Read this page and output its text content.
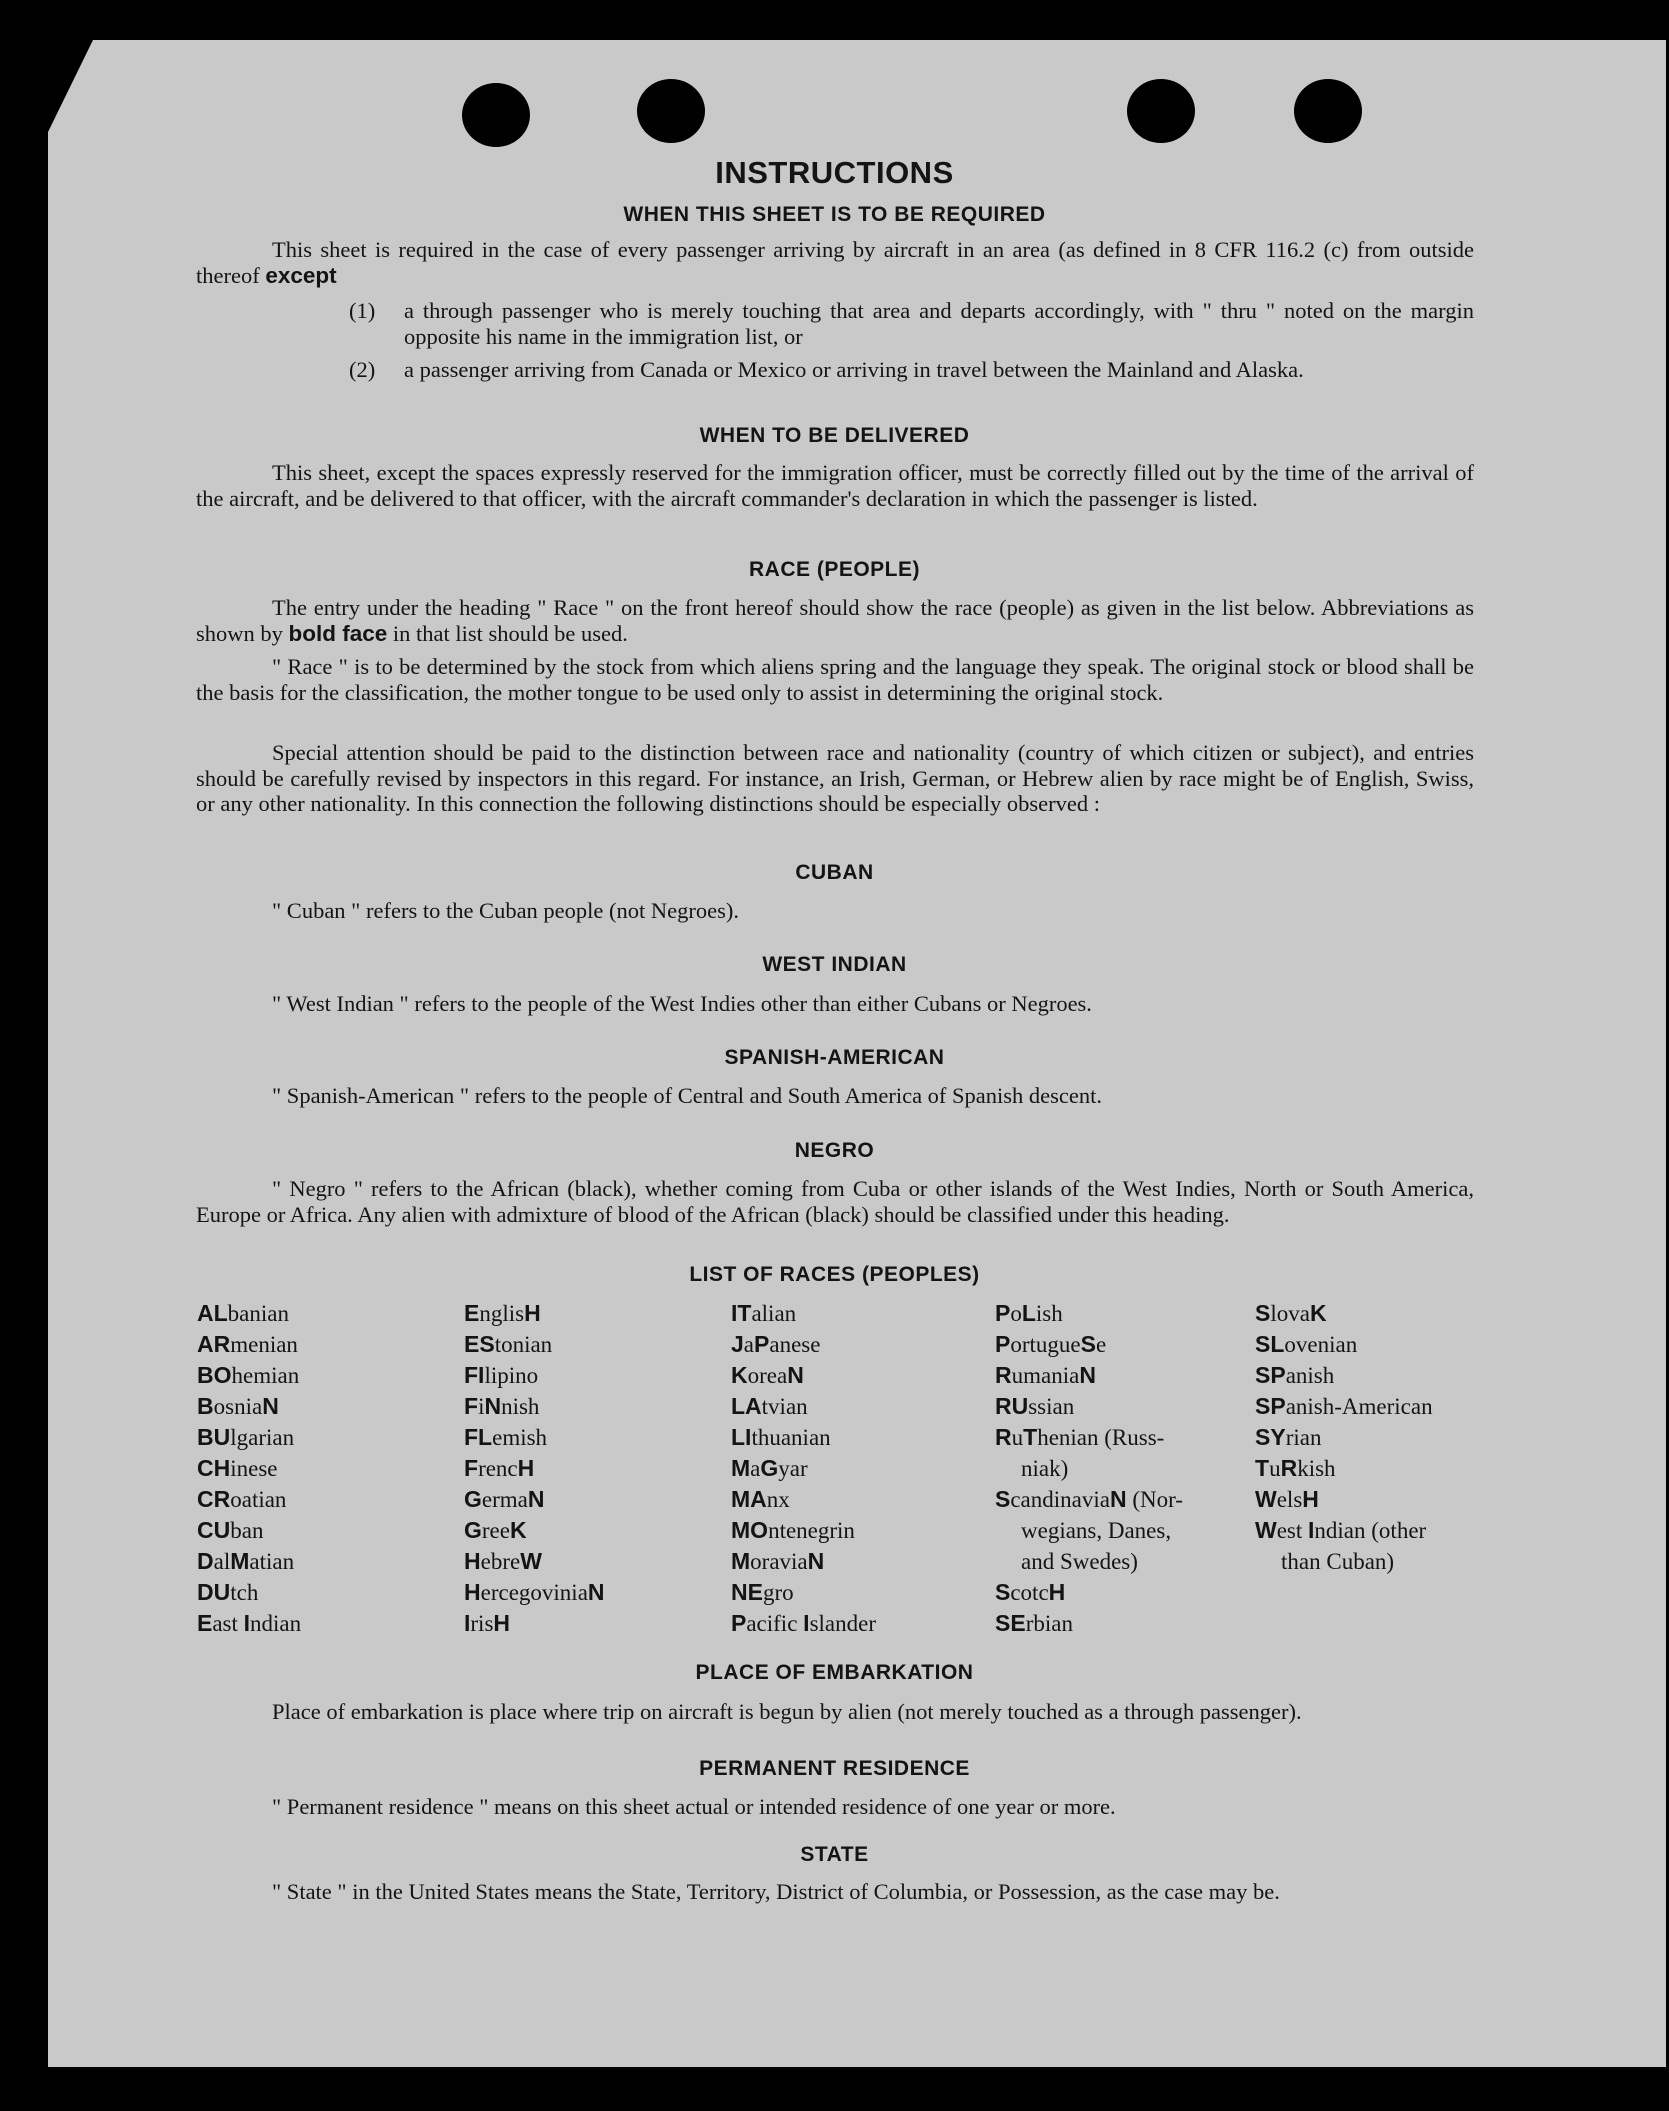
INSTRUCTIONS
WHEN THIS SHEET IS TO BE REQUIRED
This sheet is required in the case of every passenger arriving by aircraft in an area (as defined in 8 CFR 116.2 (c) from outside thereof except
(1) a through passenger who is merely touching that area and departs accordingly, with " thru " noted on the margin opposite his name in the immigration list, or
(2) a passenger arriving from Canada or Mexico or arriving in travel between the Mainland and Alaska.
WHEN TO BE DELIVERED
This sheet, except the spaces expressly reserved for the immigration officer, must be correctly filled out by the time of the arrival of the aircraft, and be delivered to that officer, with the aircraft commander's declaration in which the passenger is listed.
RACE (PEOPLE)
The entry under the heading " Race " on the front hereof should show the race (people) as given in the list below. Abbreviations as shown by bold face in that list should be used.
" Race " is to be determined by the stock from which aliens spring and the language they speak. The original stock or blood shall be the basis for the classification, the mother tongue to be used only to assist in determining the original stock.
Special attention should be paid to the distinction between race and nationality (country of which citizen or subject), and entries should be carefully revised by inspectors in this regard. For instance, an Irish, German, or Hebrew alien by race might be of English, Swiss, or any other nationality. In this connection the following distinctions should be especially observed :
CUBAN
" Cuban " refers to the Cuban people (not Negroes).
WEST INDIAN
" West Indian " refers to the people of the West Indies other than either Cubans or Negroes.
SPANISH-AMERICAN
" Spanish-American " refers to the people of Central and South America of Spanish descent.
NEGRO
" Negro " refers to the African (black), whether coming from Cuba or other islands of the West Indies, North or South America, Europe or Africa. Any alien with admixture of blood of the African (black) should be classified under this heading.
LIST OF RACES (PEOPLES)
ALbanian
ARmenian
BOhemian
BosniaN
BUlgarian
CHinese
CRoatian
CUban
DalMatian
DUtch
East Indian
EnglisH
EStonian
FIlipino
FiNnish
FLemish
FrencH
GermaN
GreeK
HebreW
HercegoviniaN
IrisH
ITalian
JaPanese
KoreaN
LAtvian
LIthuanian
MaGyar
MAnx
MOntenegrin
MoraviaN
NEgro
Pacific Islander
PoLish
PortugueSe
RumaniaN
RUssian
RuThenian (Russ-
niak)
ScandinaviaN (Nor-
wegians, Danes,
and Swedes)
ScotcH
SErbian
SlovaK
SLovenian
SPanish
SPanish-American
SYrian
TuRkish
WelsH
West Indian (other
than Cuban)
PLACE OF EMBARKATION
Place of embarkation is place where trip on aircraft is begun by alien (not merely touched as a through passenger).
PERMANENT RESIDENCE
" Permanent residence " means on this sheet actual or intended residence of one year or more.
STATE
" State " in the United States means the State, Territory, District of Columbia, or Possession, as the case may be.
